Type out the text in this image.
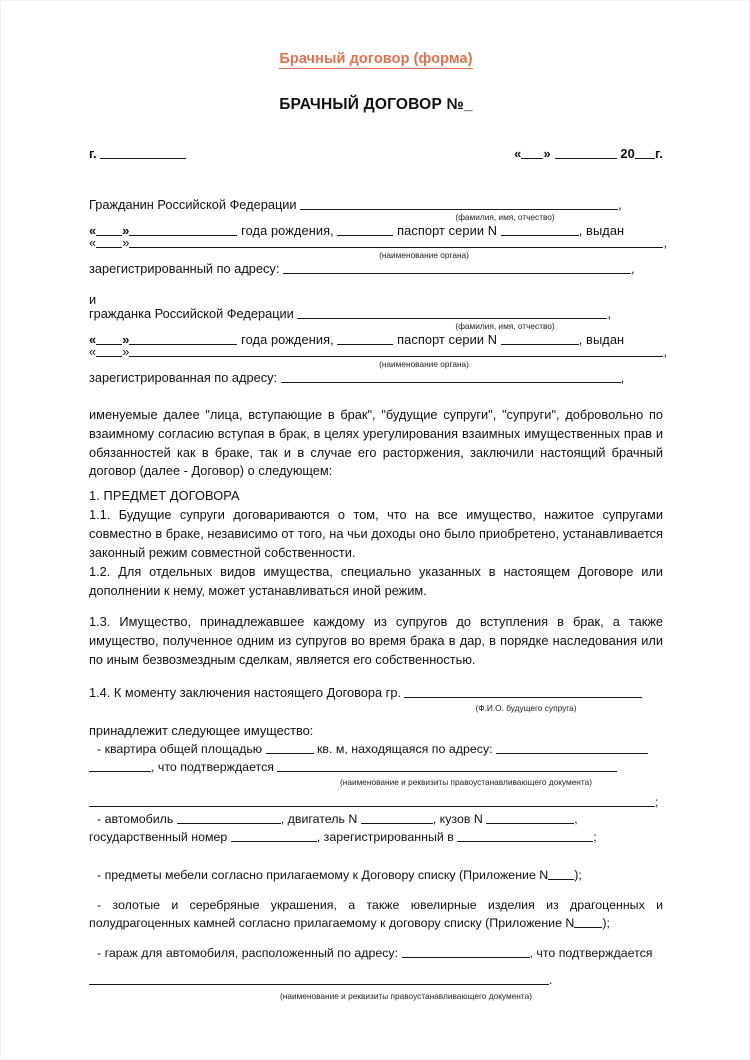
Брачный договор (форма)
БРАЧНЫЙ ДОГОВОР №_
г.	« »	20 г.
Гражданин Российской Федерации	,
(фамилия, имя, отчество)
« »	года рождения,	паспорт серии N	, выдан
« »	,
(наименование органа)
зарегистрированный по адресу:	,
и
гражданка Российской Федерации	,
(фамилия, имя, отчество)
« »	года рождения,	паспорт серии N	, выдан
« »	,
(наименование органа)
зарегистрированная по адресу:	,
именуемые далее "лица, вступающие в брак", "будущие супруги", "супруги", добровольно по взаимному согласию вступая в брак, в целях урегулирования взаимных имущественных прав и обязанностей как в браке, так и в случае его расторжения, заключили настоящий брачный договор (далее - Договор) о следующем:
1. ПРЕДМЕТ ДОГОВОРА
1.1. Будущие супруги договариваются о том, что на все имущество, нажитое супругами совместно в браке, независимо от того, на чьи доходы оно было приобретено, устанавливается законный режим совместной собственности.
1.2. Для отдельных видов имущества, специально указанных в настоящем Договоре или дополнении к нему, может устанавливаться иной режим.
1.3. Имущество, принадлежавшее каждому из супругов до вступления в брак, а также имущество, полученное одним из супругов во время брака в дар, в порядке наследования или по иным безвозмездным сделкам, является его собственностью.
1.4. К моменту заключения настоящего Договора гр.
(Ф.И.О. будущего супруга)
принадлежит следующее имущество:
- квартира общей площадью	кв. м, находящаяся по адресу:
, что подтверждается
(наименование и реквизиты правоустанавливающего документа)
;
- автомобиль	, двигатель N	, кузов N	,
государственный номер	, зарегистрированный в	;
- предметы мебели согласно прилагаемому к Договору списку (Приложение N );
- золотые и серебряные украшения, а также ювелирные изделия из драгоценных и полудрагоценных камней согласно прилагаемому к договору списку (Приложение N );
- гараж для автомобиля, расположенный по адресу:	, что подтверждается
.
(наименование и реквизиты правоустанавливающего документа)
